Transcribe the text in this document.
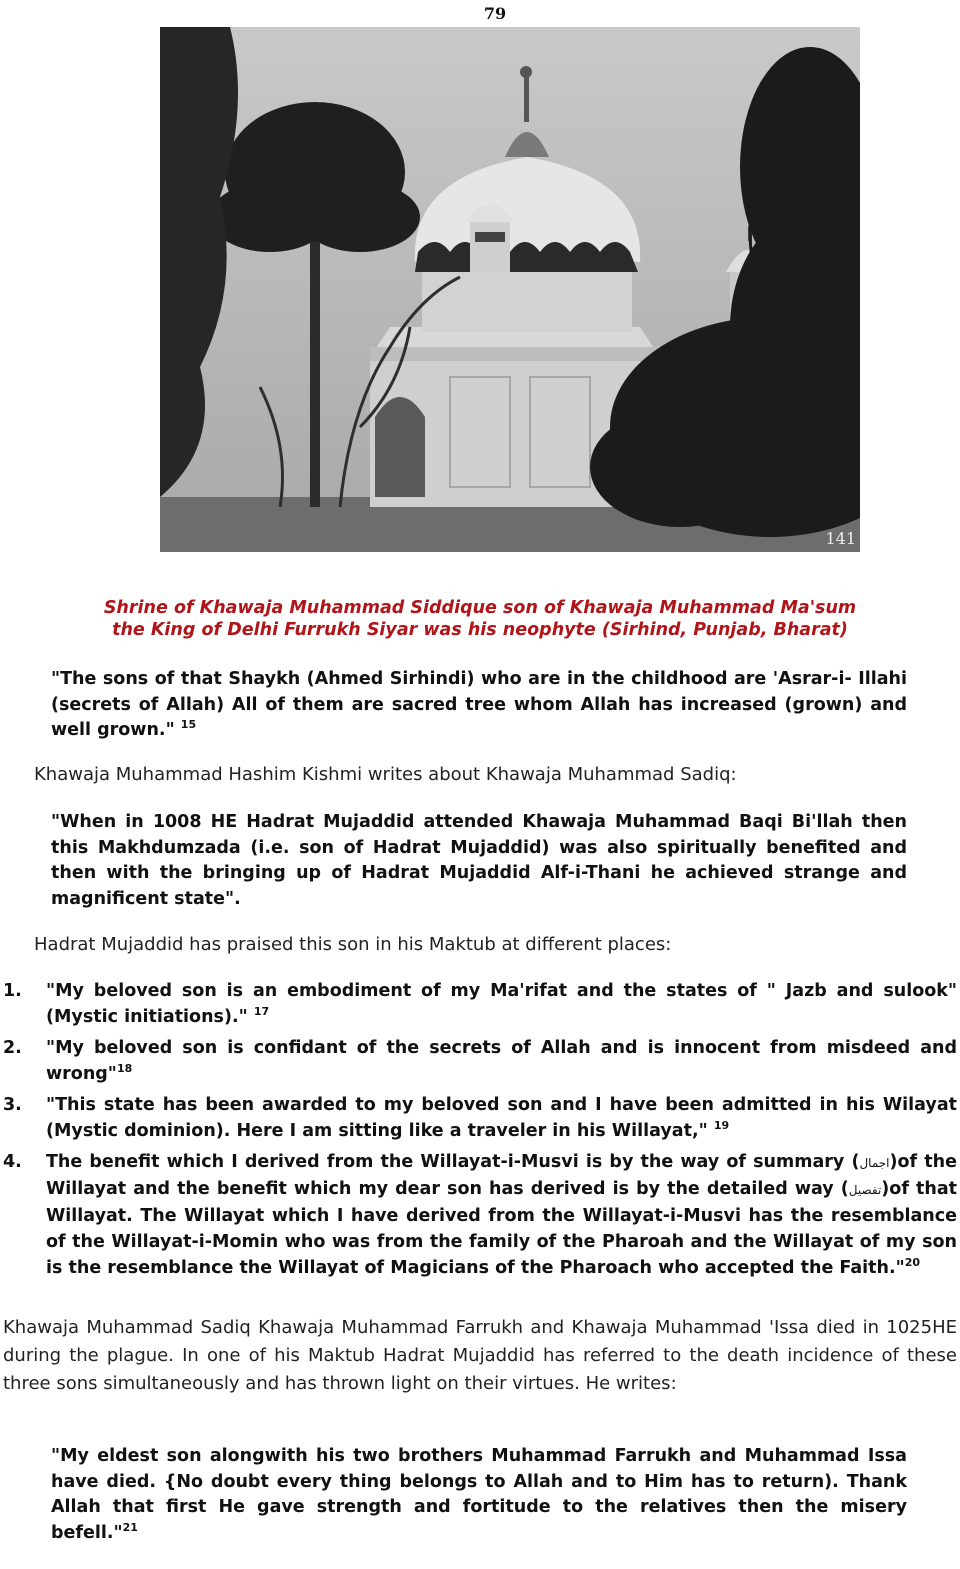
79
141
Shrine of Khawaja Muhammad Siddique son of Khawaja Muhammad Ma'sum
the King of Delhi Furrukh Siyar was his neophyte (Sirhind, Punjab, Bharat)
"The sons of that Shaykh (Ahmed Sirhindi) who are in the childhood are 'Asrar-i- Illahi (secrets of Allah) All of them are sacred tree whom Allah has increased (grown) and well grown." $^{15}$
Khawaja Muhammad Hashim Kishmi writes about Khawaja Muhammad Sadiq:
"When in 1008 HE Hadrat Mujaddid attended Khawaja Muhammad Baqi Bi'llah then this Makhdumzada (i.e. son of Hadrat Mujaddid) was also spiritually benefited and then with the bringing up of Hadrat Mujaddid Alf-i-Thani he achieved strange and magnificent state".
Hadrat Mujaddid has praised this son in his Maktub at different places:
1. "My beloved son is an embodiment of my Ma'rifat and the states of " Jazb and sulook" (Mystic initiations)." $^{17}$
2. "My beloved son is confidant of the secrets of Allah and is innocent from misdeed and wrong"$^{18}$
3. "This state has been awarded to my beloved son and I have been admitted in his Wilayat (Mystic dominion). Here I am sitting like a traveler in his Willayat," $^{19}$
4. The benefit which I derived from the Willayat-i-Musvi is by the way of summary (اجمال)of the Willayat and the benefit which my dear son has derived is by the detailed way (تفصیل)of that Willayat. The Willayat which I have derived from the Willayat-i-Musvi has the resemblance of the Willayat-i-Momin who was from the family of the Pharoah and the Willayat of my son is the resemblance the Willayat of Magicians of the Pharoach who accepted the Faith."$^{20}$
Khawaja Muhammad Sadiq Khawaja Muhammad Farrukh and Khawaja Muhammad 'Issa died in 1025HE during the plague. In one of his Maktub Hadrat Mujaddid has referred to the death incidence of these three sons simultaneously and has thrown light on their virtues. He writes:
"My eldest son alongwith his two brothers Muhammad Farrukh and Muhammad Issa have died. {No doubt every thing belongs to Allah and to Him has to return). Thank Allah that first He gave strength and fortitude to the relatives then the misery befell."$^{21}$
